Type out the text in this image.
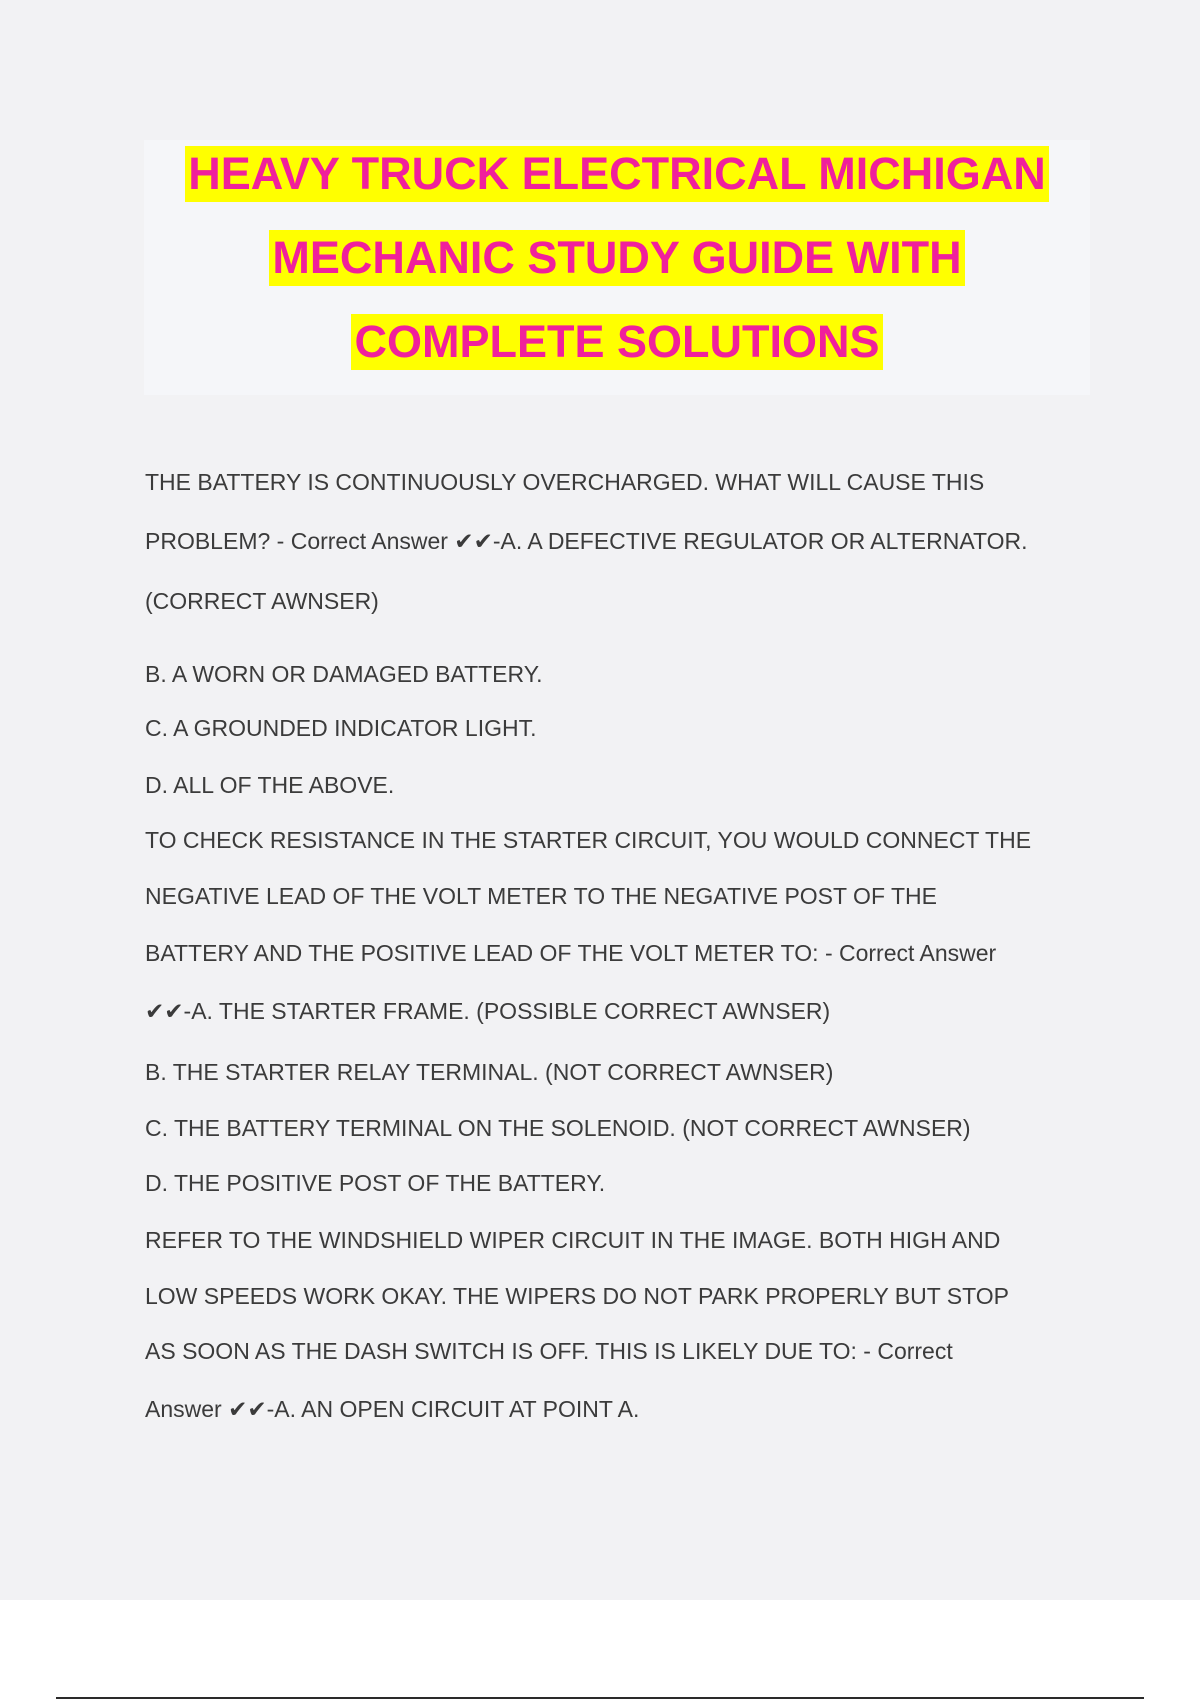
HEAVY TRUCK ELECTRICAL MICHIGAN
MECHANIC STUDY GUIDE WITH
COMPLETE SOLUTIONS

THE BATTERY IS CONTINUOUSLY OVERCHARGED. WHAT WILL CAUSE THIS

PROBLEM? - Correct Answer ✔✔-A. A DEFECTIVE REGULATOR OR ALTERNATOR.

(CORRECT AWNSER)

B. A WORN OR DAMAGED BATTERY.

C. A GROUNDED INDICATOR LIGHT.

D. ALL OF THE ABOVE.

TO CHECK RESISTANCE IN THE STARTER CIRCUIT, YOU WOULD CONNECT THE

NEGATIVE LEAD OF THE VOLT METER TO THE NEGATIVE POST OF THE

BATTERY AND THE POSITIVE LEAD OF THE VOLT METER TO: - Correct Answer

✔✔-A. THE STARTER FRAME. (POSSIBLE CORRECT AWNSER)

B. THE STARTER RELAY TERMINAL. (NOT CORRECT AWNSER)

C. THE BATTERY TERMINAL ON THE SOLENOID. (NOT CORRECT AWNSER)

D. THE POSITIVE POST OF THE BATTERY.

REFER TO THE WINDSHIELD WIPER CIRCUIT IN THE IMAGE. BOTH HIGH AND

LOW SPEEDS WORK OKAY. THE WIPERS DO NOT PARK PROPERLY BUT STOP

AS SOON AS THE DASH SWITCH IS OFF. THIS IS LIKELY DUE TO: - Correct

Answer ✔✔-A. AN OPEN CIRCUIT AT POINT A.
